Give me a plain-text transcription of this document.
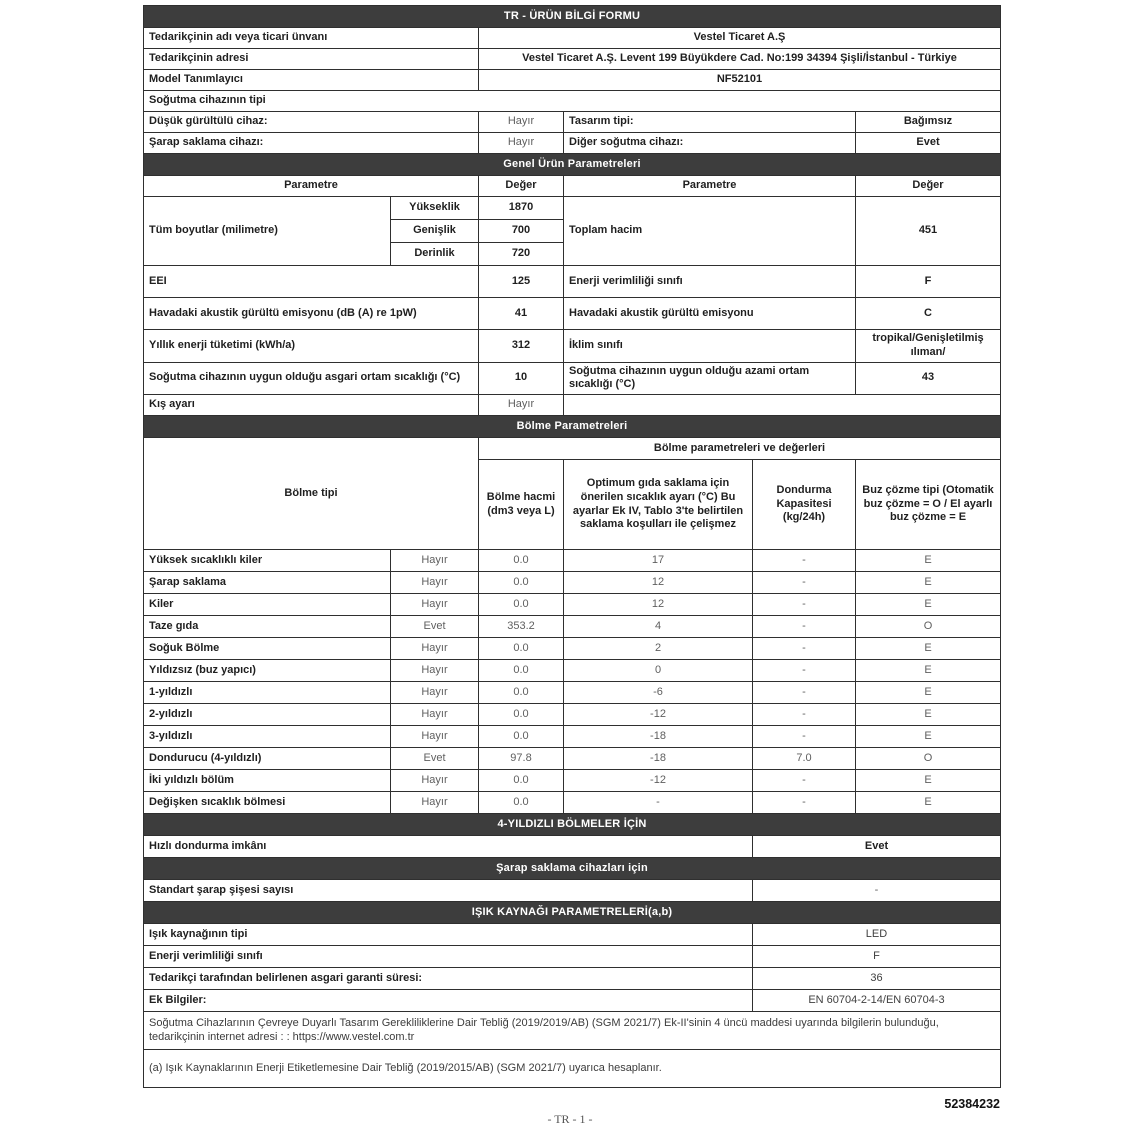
TR - ÜRÜN BİLGİ FORMU					
Tedarikçinin adı veya ticari ünvanı		Vestel Ticaret A.Ş			
Tedarikçinin adresi		Vestel Ticaret A.Ş. Levent 199 Büyükdere Cad. No:199 34394 Şişli/İstanbul - Türkiye			
Model Tanımlayıcı		NF52101			
Soğutma cihazının tipi					
Düşük gürültülü cihaz:		Hayır	Tasarım tipi:		Bağımsız
Şarap saklama cihazı:		Hayır	Diğer soğutma cihazı:		Evet
Genel Ürün Parametreleri					
Parametre		Değer	Parametre		Değer
Tüm boyutlar (milimetre)	Yükseklik	1870	Toplam hacim		451
	Genişlik	700			
	Derinlik	720			
EEI		125	Enerji verimliliği sınıfı		F
Havadaki akustik gürültü emisyonu (dB (A) re 1pW)		41	Havadaki akustik gürültü emisyonu		C
Yıllık enerji tüketimi (kWh/a)		312	İklim sınıfı		tropikal/Genişletilmiş ılıman/
Soğutma cihazının uygun olduğu asgari ortam sıcaklığı (°C)		10	Soğutma cihazının uygun olduğu azami ortam sıcaklığı (°C)		43
Kış ayarı		Hayır			
Bölme Parametreleri					
Bölme tipi		Bölme parametreleri ve değerleri			
		Bölme hacmi (dm3 veya L)	Optimum gıda saklama için önerilen sıcaklık ayarı (°C) Bu ayarlar Ek IV, Tablo 3'te belirtilen saklama koşulları ile çelişmez	Dondurma Kapasitesi (kg/24h)	Buz çözme tipi (Otomatik buz çözme = O / El ayarlı buz çözme = E
Yüksek sıcaklıklı kiler	Hayır	0.0	17	-	E
Şarap saklama	Hayır	0.0	12	-	E
Kiler	Hayır	0.0	12	-	E
Taze gıda	Evet	353.2	4	-	O
Soğuk Bölme	Hayır	0.0	2	-	E
Yıldızsız (buz yapıcı)	Hayır	0.0	0	-	E
1-yıldızlı	Hayır	0.0	-6	-	E
2-yıldızlı	Hayır	0.0	-12	-	E
3-yıldızlı	Hayır	0.0	-18	-	E
Dondurucu (4-yıldızlı)	Evet	97.8	-18	7.0	O
İki yıldızlı bölüm	Hayır	0.0	-12	-	E
Değişken sıcaklık bölmesi	Hayır	0.0	-	-	E
4-YILDIZLI BÖLMELER İÇİN					
Hızlı dondurma imkânı				Evet	
Şarap saklama cihazları için					
Standart şarap şişesi sayısı				-	
IŞIK KAYNAĞI PARAMETRELERİ(a,b)					
Işık kaynağının tipi				LED	
Enerji verimliliği sınıfı				F	
Tedarikçi tarafından belirlenen asgari garanti süresi:				36	
Ek Bilgiler:				EN 60704-2-14/EN 60704-3	
Soğutma Cihazlarının Çevreye Duyarlı Tasarım Gerekliliklerine Dair Tebliğ (2019/2019/AB) (SGM 2021/7) Ek-II'sinin 4 üncü maddesi uyarında bilgilerin bulunduğu, tedarikçinin internet adresi : : https://www.vestel.com.tr					
(a) Işık Kaynaklarının Enerji Etiketlemesine Dair Tebliğ (2019/2015/AB) (SGM 2021/7) uyarıca hesaplanır.					
52384232
- TR - 1 -
